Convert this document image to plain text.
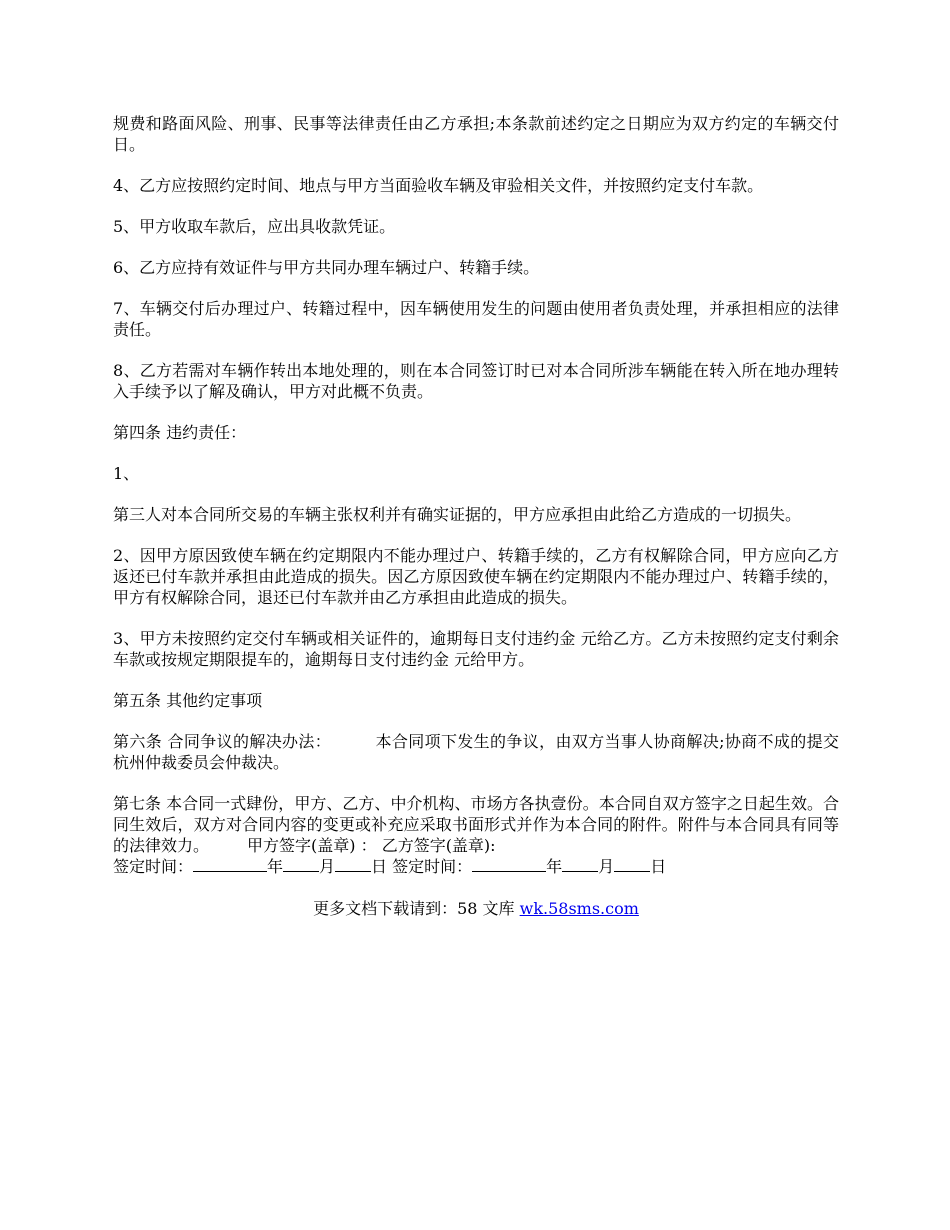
规费和路面风险、刑事、民事等法律责任由乙方承担;本条款前述约定之日期应为双方约定的车辆交付日。

4、乙方应按照约定时间、地点与甲方当面验收车辆及审验相关文件，并按照约定支付车款。

5、甲方收取车款后，应出具收款凭证。

6、乙方应持有效证件与甲方共同办理车辆过户、转籍手续。

7、车辆交付后办理过户、转籍过程中，因车辆使用发生的问题由使用者负责处理，并承担相应的法律责任。

8、乙方若需对车辆作转出本地处理的，则在本合同签订时已对本合同所涉车辆能在转入所在地办理转入手续予以了解及确认，甲方对此概不负责。

第四条 违约责任：

1、

第三人对本合同所交易的车辆主张权利并有确实证据的，甲方应承担由此给乙方造成的一切损失。

2、因甲方原因致使车辆在约定期限内不能办理过户、转籍手续的，乙方有权解除合同，甲方应向乙方返还已付车款并承担由此造成的损失。因乙方原因致使车辆在约定期限内不能办理过户、转籍手续的，甲方有权解除合同，退还已付车款并由乙方承担由此造成的损失。

3、甲方未按照约定交付车辆或相关证件的，逾期每日支付违约金 元给乙方。乙方未按照约定支付剩余车款或按规定期限提车的，逾期每日支付违约金 元给甲方。

第五条 其他约定事项

第六条 合同争议的解决办法：	本合同项下发生的争议，由双方当事人协商解决;协商不成的提交杭州仲裁委员会仲裁决。

第七条 本合同一式肆份，甲方、乙方、中介机构、市场方各执壹份。本合同自双方签字之日起生效。合同生效后，双方对合同内容的变更或补充应采取书面形式并作为本合同的附件。附件与本合同具有同等的法律效力。 甲方签字(盖章) ： 乙方签字(盖章):

签定时间：	年 月 日 签定时间：	年 月 日

更多文档下载请到：58 文库 wk.58sms.com
